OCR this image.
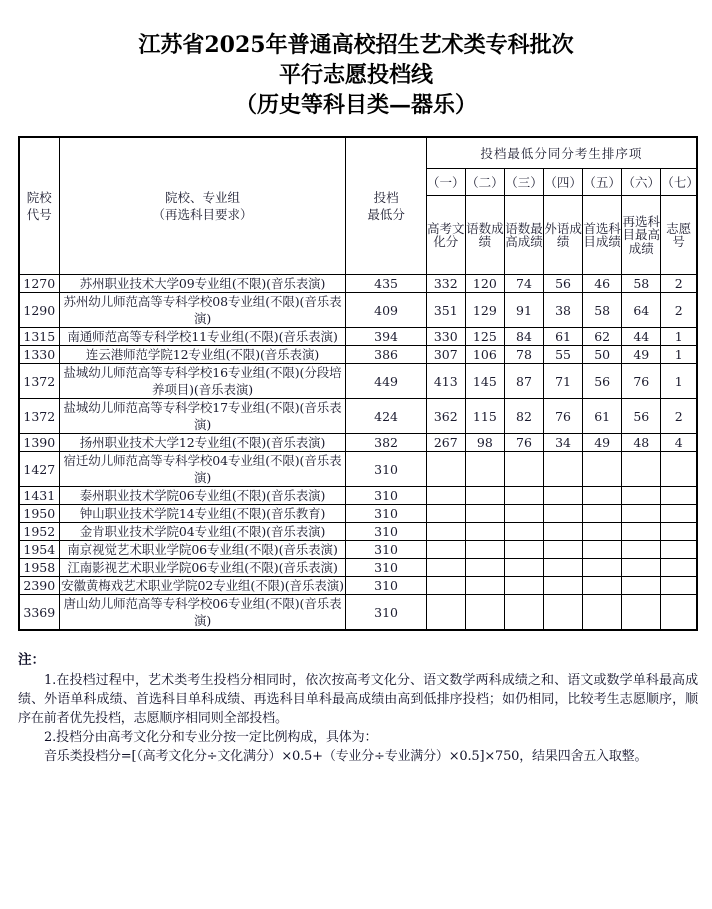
江苏省2025年普通高校招生艺术类专科批次
平行志愿投档线
（历史等科目类—器乐）
院校
代号	院校、专业组
（再选科目要求）	投档
最低分	投档最低分同分考生排序项						
			（一）	（二）	（三）	（四）	（五）	（六）	（七）

			高考文化分	语数成绩	语数最高成绩	外语成绩	首选科目成绩	再选科目最高成绩	志愿号

1270	苏州职业技术大学09专业组(不限)(音乐表演)	435	332	120	74	56	46	58	2
1290	苏州幼儿师范高等专科学校08专业组(不限)(音乐表演)	409	351	129	91	38	58	64	2
1315	南通师范高等专科学校11专业组(不限)(音乐表演)	394	330	125	84	61	62	44	1
1330	连云港师范学院12专业组(不限)(音乐表演)	386	307	106	78	55	50	49	1
1372	盐城幼儿师范高等专科学校16专业组(不限)(分段培养项目)(音乐表演)	449	413	145	87	71	56	76	1
1372	盐城幼儿师范高等专科学校17专业组(不限)(音乐表演)	424	362	115	82	76	61	56	2
1390	扬州职业技术大学12专业组(不限)(音乐表演)	382	267	98	76	34	49	48	4
1427	宿迁幼儿师范高等专科学校04专业组(不限)(音乐表演)	310							
1431	泰州职业技术学院06专业组(不限)(音乐表演)	310							
1950	钟山职业技术学院14专业组(不限)(音乐教育)	310							
1952	金肯职业技术学院04专业组(不限)(音乐表演)	310							
1954	南京视觉艺术职业学院06专业组(不限)(音乐表演)	310							
1958	江南影视艺术职业学院06专业组(不限)(音乐表演)	310							
2390	安徽黄梅戏艺术职业学院02专业组(不限)(音乐表演)	310							
3369	唐山幼儿师范高等专科学校06专业组(不限)(音乐表演)	310							
注：

1.在投档过程中，艺术类考生投档分相同时，依次按高考文化分、语文数学两科成绩之和、语文或数学单科最高成绩、外语单科成绩、首选科目单科成绩、再选科目单科最高成绩由高到低排序投档；如仍相同，比较考生志愿顺序，顺序在前者优先投档，志愿顺序相同则全部投档。

2.投档分由高考文化分和专业分按一定比例构成，具体为：

音乐类投档分=[（高考文化分÷文化满分）×0.5+（专业分÷专业满分）×0.5]×750，结果四舍五入取整。
